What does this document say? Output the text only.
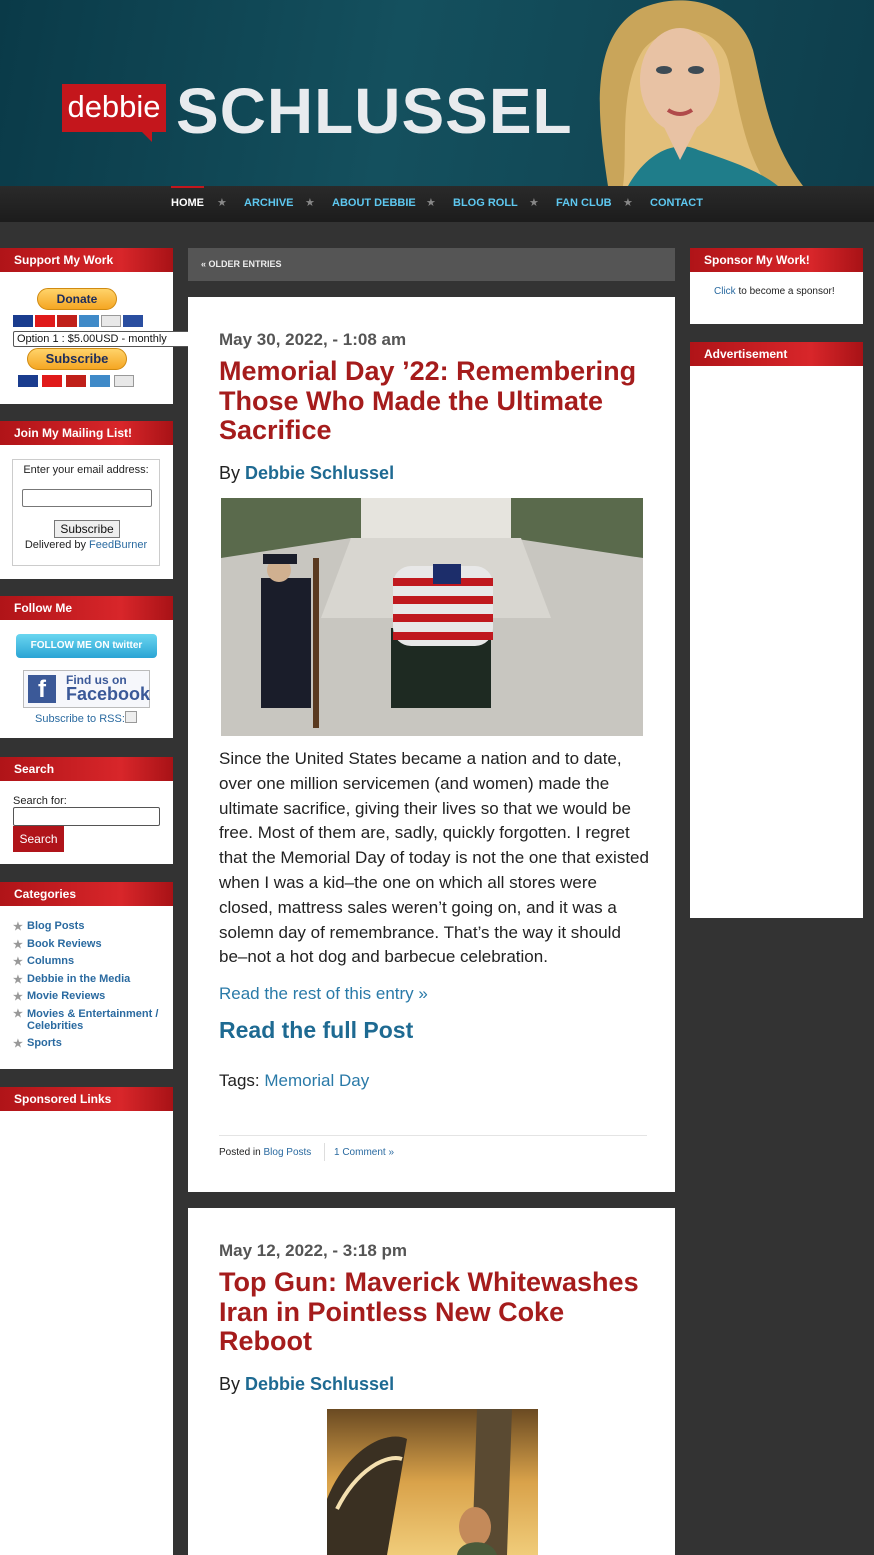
debbie SCHLUSSEL
HOME ★ ARCHIVE ★ ABOUT DEBBIE ★ BLOG ROLL ★ FAN CLUB ★ CONTACT
Support My Work
Donate
Option 1 : $5.00USD - monthly
Subscribe
Join My Mailing List!
Enter your email address:
Subscribe
Delivered by FeedBurner
Follow Me
FOLLOW ME ON twitter
f	Find us on
Facebook
Subscribe to RSS:
Search
Search for:
Search
Categories
★ Blog Posts
★ Book Reviews
★ Columns
★ Debbie in the Media
★ Movie Reviews
★ Movies & Entertainment / Celebrities
★ Sports
Sponsored Links
Sponsor My Work!
Click to become a sponsor!
Advertisement
« OLDER ENTRIES
May 30, 2022, - 1:08 am
Memorial Day ’22: Remembering Those Who Made the Ultimate Sacrifice
By Debbie Schlussel
Since the United States became a nation and to date, over one million servicemen (and women) made the ultimate sacrifice, giving their lives so that we would be free. Most of them are, sadly, quickly forgotten. I regret that the Memorial Day of today is not the one that existed when I was a kid–the one on which all stores were closed, mattress sales weren’t going on, and it was a solemn day of remembrance. That’s the way it should be–not a hot dog and barbecue celebration.
Read the rest of this entry »
Read the full Post
Tags: Memorial Day
Posted in Blog Posts 1 Comment »
May 12, 2022, - 3:18 pm
Top Gun: Maverick Whitewashes Iran in Pointless New Coke Reboot
By Debbie Schlussel
